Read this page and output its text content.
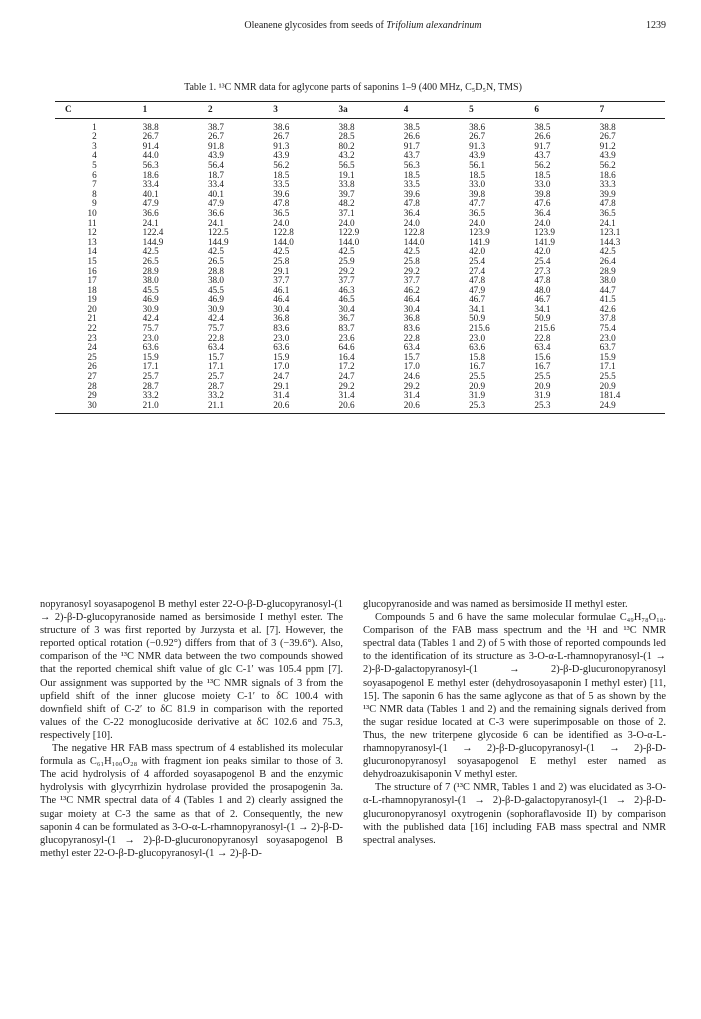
Oleanene glycosides from seeds of Trifolium alexandrinum	1239
Table 1. ¹³C NMR data for aglycone parts of saponins 1–9 (400 MHz, C₅D₅N, TMS)
C	1	2	3	3a	4	5	6	7
1	38.8	38.7	38.6	38.8	38.5	38.6	38.5	38.8
2	26.7	26.7	26.7	28.5	26.6	26.7	26.6	26.7
3	91.4	91.8	91.3	80.2	91.7	91.3	91.7	91.2
4	44.0	43.9	43.9	43.2	43.7	43.9	43.7	43.9
5	56.3	56.4	56.2	56.5	56.3	56.1	56.2	56.2
6	18.6	18.7	18.5	19.1	18.5	18.5	18.5	18.6
7	33.4	33.4	33.5	33.8	33.5	33.0	33.0	33.3
8	40.1	40.1	39.6	39.7	39.6	39.8	39.8	39.9
9	47.9	47.9	47.8	48.2	47.8	47.7	47.6	47.8
10	36.6	36.6	36.5	37.1	36.4	36.5	36.4	36.5
11	24.1	24.1	24.0	24.0	24.0	24.0	24.0	24.1
12	122.4	122.5	122.8	122.9	122.8	123.9	123.9	123.1
13	144.9	144.9	144.0	144.0	144.0	141.9	141.9	144.3
14	42.5	42.5	42.5	42.5	42.5	42.0	42.0	42.5
15	26.5	26.5	25.8	25.9	25.8	25.4	25.4	26.4
16	28.9	28.8	29.1	29.2	29.2	27.4	27.3	28.9
17	38.0	38.0	37.7	37.7	37.7	47.8	47.8	38.0
18	45.5	45.5	46.1	46.3	46.2	47.9	48.0	44.7
19	46.9	46.9	46.4	46.5	46.4	46.7	46.7	41.5
20	30.9	30.9	30.4	30.4	30.4	34.1	34.1	42.6
21	42.4	42.4	36.8	36.7	36.8	50.9	50.9	37.8
22	75.7	75.7	83.6	83.7	83.6	215.6	215.6	75.4
23	23.0	22.8	23.0	23.6	22.8	23.0	22.8	23.0
24	63.6	63.4	63.6	64.6	63.4	63.6	63.4	63.7
25	15.9	15.7	15.9	16.4	15.7	15.8	15.6	15.9
26	17.1	17.1	17.0	17.2	17.0	16.7	16.7	17.1
27	25.7	25.7	24.7	24.7	24.6	25.5	25.5	25.5
28	28.7	28.7	29.1	29.2	29.2	20.9	20.9	20.9
29	33.2	33.2	31.4	31.4	31.4	31.9	31.9	181.4
30	21.0	21.1	20.6	20.6	20.6	25.3	25.3	24.9

nopyranosyl soyasapogenol B methyl ester 22-O-β-D-glucopyranosyl-(1 → 2)-β-D-glucopyranoside named as bersimoside I methyl ester. The structure of 3 was first reported by Jurzysta et al. [7]. However, the reported optical rotation (−0.92°) differs from that of 3 (−39.6°). Also, comparison of the ¹³C NMR data between the two compounds showed that the reported chemical shift value of glc C-1′ was 105.4 ppm [7]. Our assignment was supported by the ¹³C NMR signals of 3 from the upfield shift of the inner glucose moiety C-1′ to δC 100.4 with downfield shift of C-2′ to δC 81.9 in comparison with the reported values of the C-22 monoglucoside derivative at δC 102.6 and 75.3, respectively [10].

The negative HR FAB mass spectrum of 4 established its molecular formula as C₆₁H₁₀₀O₂₈ with fragment ion peaks similar to those of 3. The acid hydrolysis of 4 afforded soyasapogenol B and the enzymic hydrolysis with glycyrrhizin hydrolase provided the prosapogenin 3a. The ¹³C NMR spectral data of 4 (Tables 1 and 2) clearly assigned the sugar moiety at C-3 the same as that of 2. Consequently, the new saponin 4 can be formulated as 3-O-α-L-rhamnopyranosyl-(1 → 2)-β-D-glucopyranosyl-(1 → 2)-β-D-glucuronopyranosyl soyasapogenol B methyl ester 22-O-β-D-glucopyranosyl-(1 → 2)-β-D-

glucopyranoside and was named as bersimoside II methyl ester.

Compounds 5 and 6 have the same molecular formulae C₄₉H₇₈O₁₈. Comparison of the FAB mass spectrum and the ¹H and ¹³C NMR spectral data (Tables 1 and 2) of 5 with those of reported compounds led to the identification of its structure as 3-O-α-L-rhamnopyranosyl-(1 → 2)-β-D-galactopyranosyl-(1 → 2)-β-D-glucuronopyranosyl soyasapogenol E methyl ester (dehydrosoyasaponin I methyl ester) [11, 15]. The saponin 6 has the same aglycone as that of 5 as shown by the ¹³C NMR data (Tables 1 and 2) and the remaining signals derived from the sugar residue located at C-3 were superimposable on those of 2. Thus, the new triterpene glycoside 6 can be identified as 3-O-α-L-rhamnopyranosyl-(1 → 2)-β-D-glucopyranosyl-(1 → 2)-β-D-glucuronopyranosyl soyasapogenol E methyl ester named as dehydroazukisaponin V methyl ester.

The structure of 7 (¹³C NMR, Tables 1 and 2) was elucidated as 3-O-α-L-rhamnopyranosyl-(1 → 2)-β-D-galactopyranosyl-(1 → 2)-β-D-glucuronopyranosyl oxytrogenin (sophoraflavoside II) by comparison with the published data [16] including FAB mass spectral and NMR spectral analyses.
